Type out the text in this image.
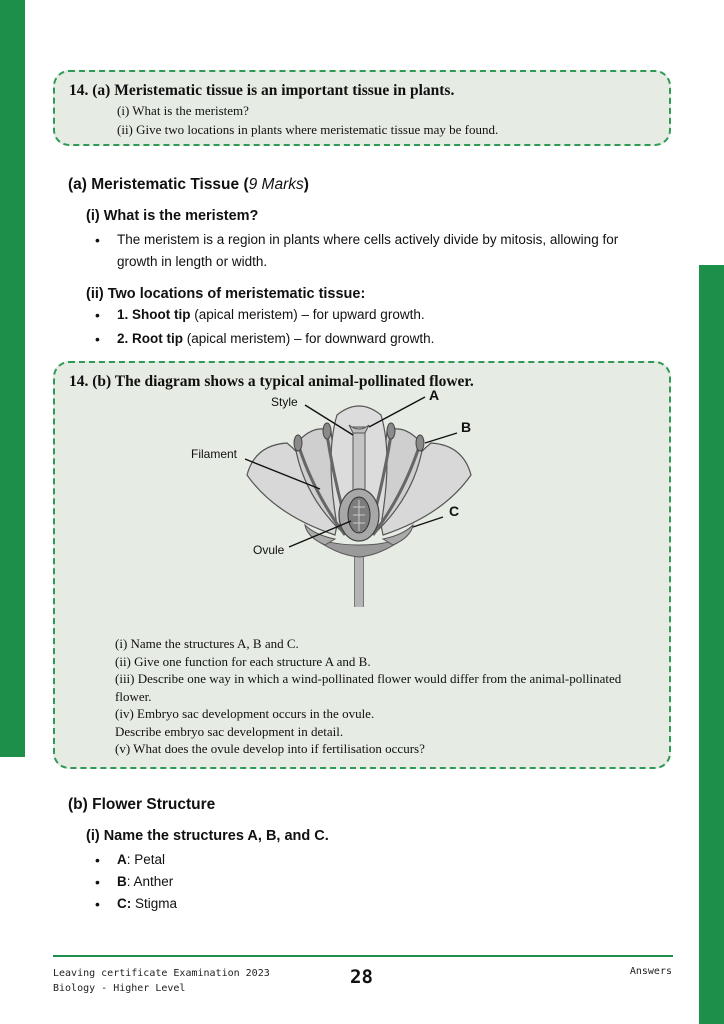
14. (a) Meristematic tissue is an important tissue in plants.
(i) What is the meristem?
(ii) Give two locations in plants where meristematic tissue may be found.
(a) Meristematic Tissue (9 Marks)
(i) What is the meristem?
• The meristem is a region in plants where cells actively divide by mitosis, allowing for growth in length or width.
(ii) Two locations of meristematic tissue:
• 1. Shoot tip (apical meristem) – for upward growth.
• 2. Root tip (apical meristem) – for downward growth.
14. (b) The diagram shows a typical animal-pollinated flower.
(i) Name the structures A, B and C.
(ii) Give one function for each structure A and B.
(iii) Describe one way in which a wind-pollinated flower would differ from the animal-pollinated flower.
(iv) Embryo sac development occurs in the ovule.
Describe embryo sac development in detail.
(v) What does the ovule develop into if fertilisation occurs?
Style
Filament
Ovule
A
B
C
(b) Flower Structure
(i) Name the structures A, B, and C.
• A: Petal
• B: Anther
• C: Stigma
Leaving certificate Examination 2023
Biology - Higher Level
28	Answers
